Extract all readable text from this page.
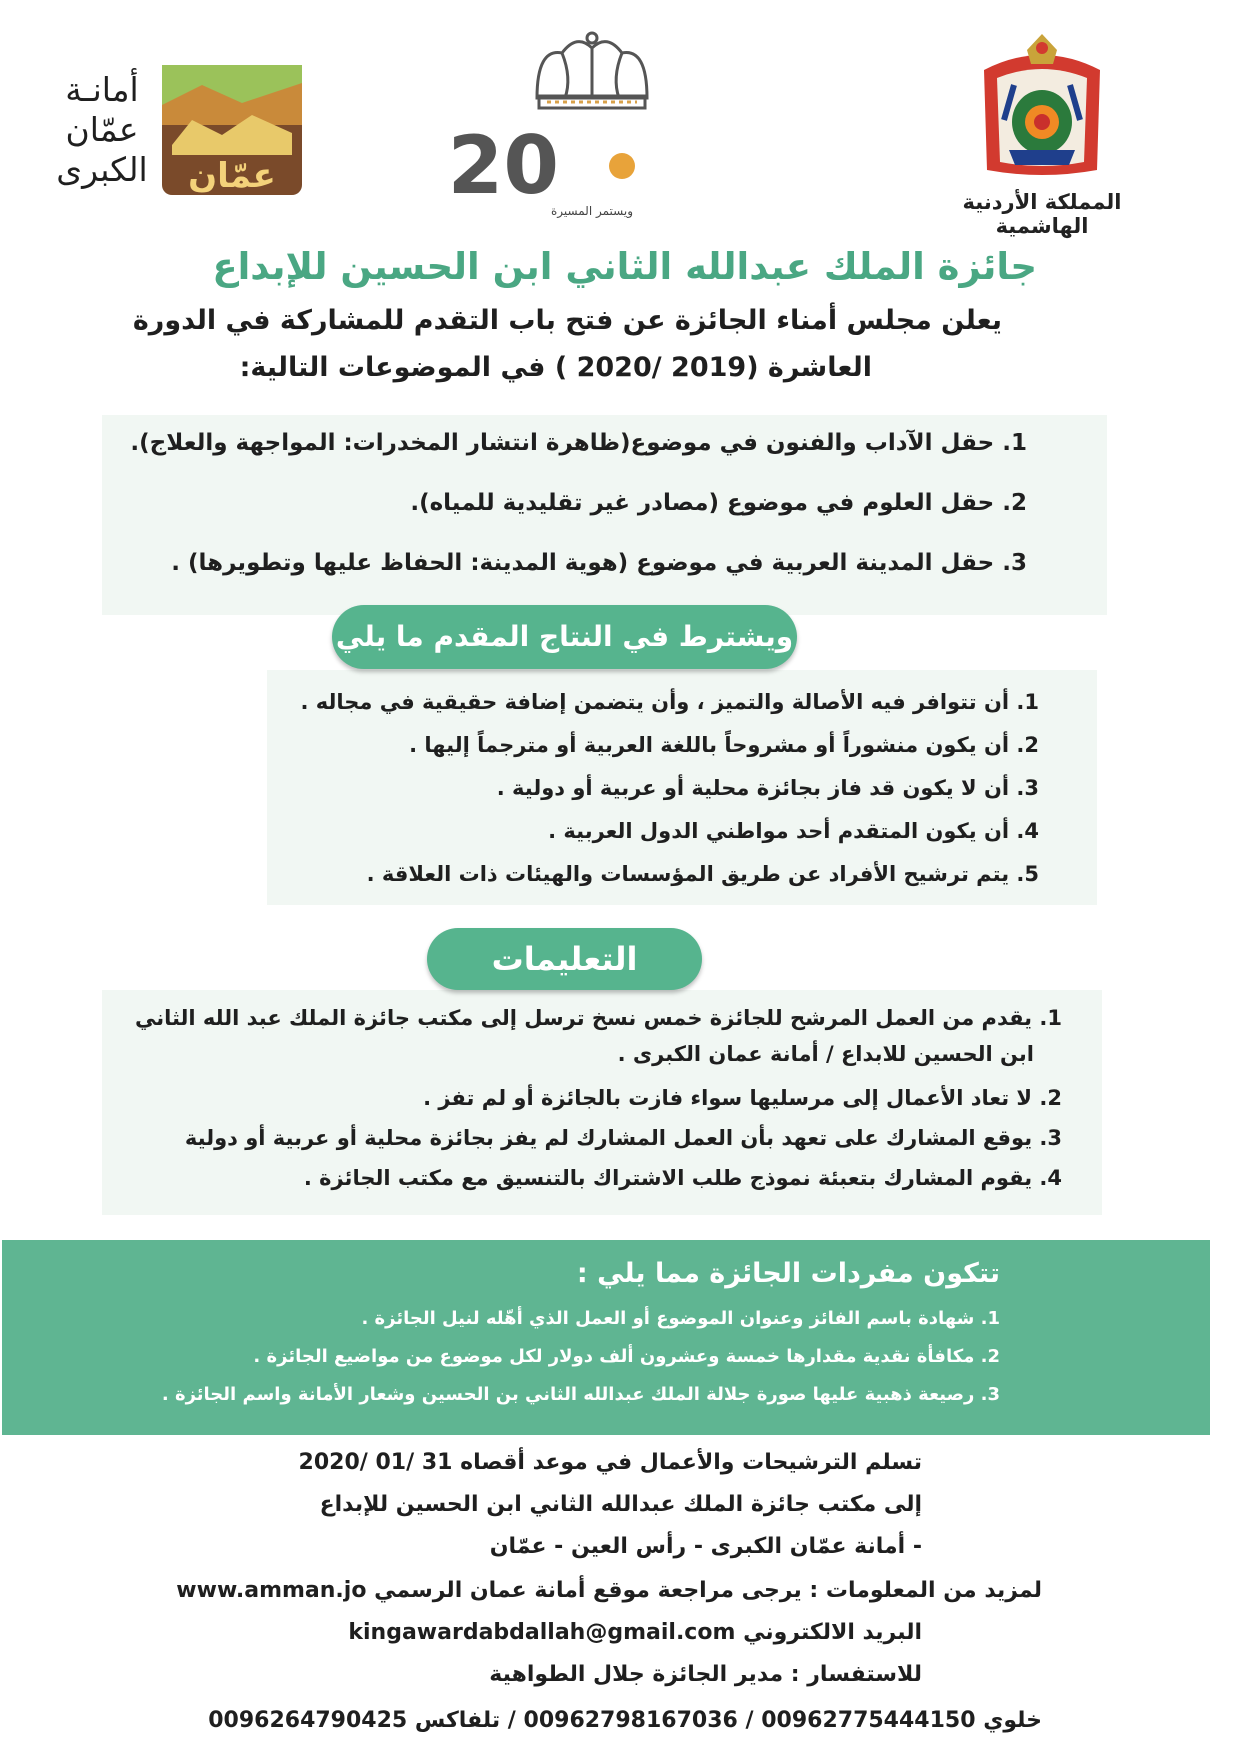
المملكة الأردنية الهاشمية
20
ويستمر المسيرة
عمّان
أمانـة
عمّان
الكبرى
جائزة الملك عبدالله الثاني ابن الحسين للإبداع
يعلن مجلس أمناء الجائزة عن فتح باب التقدم للمشاركة في الدورة
العاشرة (2019 /2020 ) في الموضوعات التالية:
1. حقل الآداب والفنون في موضوع(ظاهرة انتشار المخدرات: المواجهة والعلاج).
2. حقل العلوم في موضوع (مصادر غير تقليدية للمياه).
3. حقل المدينة العربية في موضوع (هوية المدينة: الحفاظ عليها وتطويرها) .
1. أن تتوافر فيه الأصالة والتميز ، وأن يتضمن إضافة حقيقية في مجاله .
2. أن يكون منشوراً أو مشروحاً باللغة العربية أو مترجماً إليها .
3. أن لا يكون قد فاز بجائزة محلية أو عربية أو دولية .
4. أن يكون المتقدم أحد مواطني الدول العربية .
5. يتم ترشيح الأفراد عن طريق المؤسسات والهيئات ذات العلاقة .
ويشترط في النتاج المقدم ما يلي
1. يقدم من العمل المرشح للجائزة خمس نسخ ترسل إلى مكتب جائزة الملك عبد الله الثاني
ابن الحسين للابداع / أمانة عمان الكبرى .
2. لا تعاد الأعمال إلى مرسليها سواء فازت بالجائزة أو لم تفز .
3. يوقع المشارك على تعهد بأن العمل المشارك لم يفز بجائزة محلية أو عربية أو دولية
4. يقوم المشارك بتعبئة نموذج طلب الاشتراك بالتنسيق مع مكتب الجائزة .
التعليمات
تتكون مفردات الجائزة مما يلي :
1. شهادة باسم الفائز وعنوان الموضوع أو العمل الذي أهّله لنيل الجائزة .
2. مكافأة نقدية مقدارها خمسة وعشرون ألف دولار لكل موضوع من مواضيع الجائزة .
3. رصيعة ذهبية عليها صورة جلالة الملك عبدالله الثاني بن الحسين وشعار الأمانة واسم الجائزة .
تسلم الترشيحات والأعمال في موعد أقصاه 31 /01 /2020
إلى مكتب جائزة الملك عبدالله الثاني ابن الحسين للإبداع
- أمانة عمّان الكبرى - رأس العين - عمّان
لمزيد من المعلومات : يرجى مراجعة موقع أمانة عمان الرسمي www.amman.jo
البريد الالكتروني kingawardabdallah@gmail.com
للاستفسار : مدير الجائزة جلال الطواهية
خلوي 00962798167036 / 00962775444150 / تلفاكس 0096264790425
